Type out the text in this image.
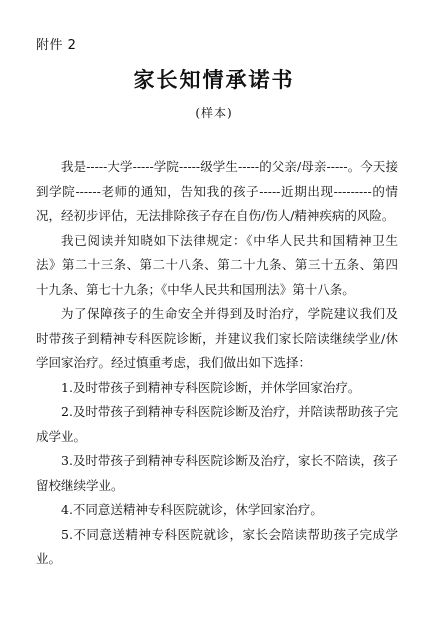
附件 2
家长知情承诺书
(样本)

我是-----大学-----学院-----级学生-----的父亲/母亲-----。今天接到学院------老师的通知，告知我的孩子-----近期出现---------的情况，经初步评估，无法排除孩子存在自伤/伤人/精神疾病的风险。

我已阅读并知晓如下法律规定：《中华人民共和国精神卫生法》第二十三条、第二十八条、第二十九条、第三十五条、第四十九条、第七十九条；《中华人民共和国刑法》第十八条。

为了保障孩子的生命安全并得到及时治疗，学院建议我们及时带孩子到精神专科医院诊断，并建议我们家长陪读继续学业/休学回家治疗。经过慎重考虑，我们做出如下选择：

1.及时带孩子到精神专科医院诊断，并休学回家治疗。

2.及时带孩子到精神专科医院诊断及治疗，并陪读帮助孩子完成学业。

3.及时带孩子到精神专科医院诊断及治疗，家长不陪读，孩子留校继续学业。

4.不同意送精神专科医院就诊，休学回家治疗。

5.不同意送精神专科医院就诊，家长会陪读帮助孩子完成学业。
